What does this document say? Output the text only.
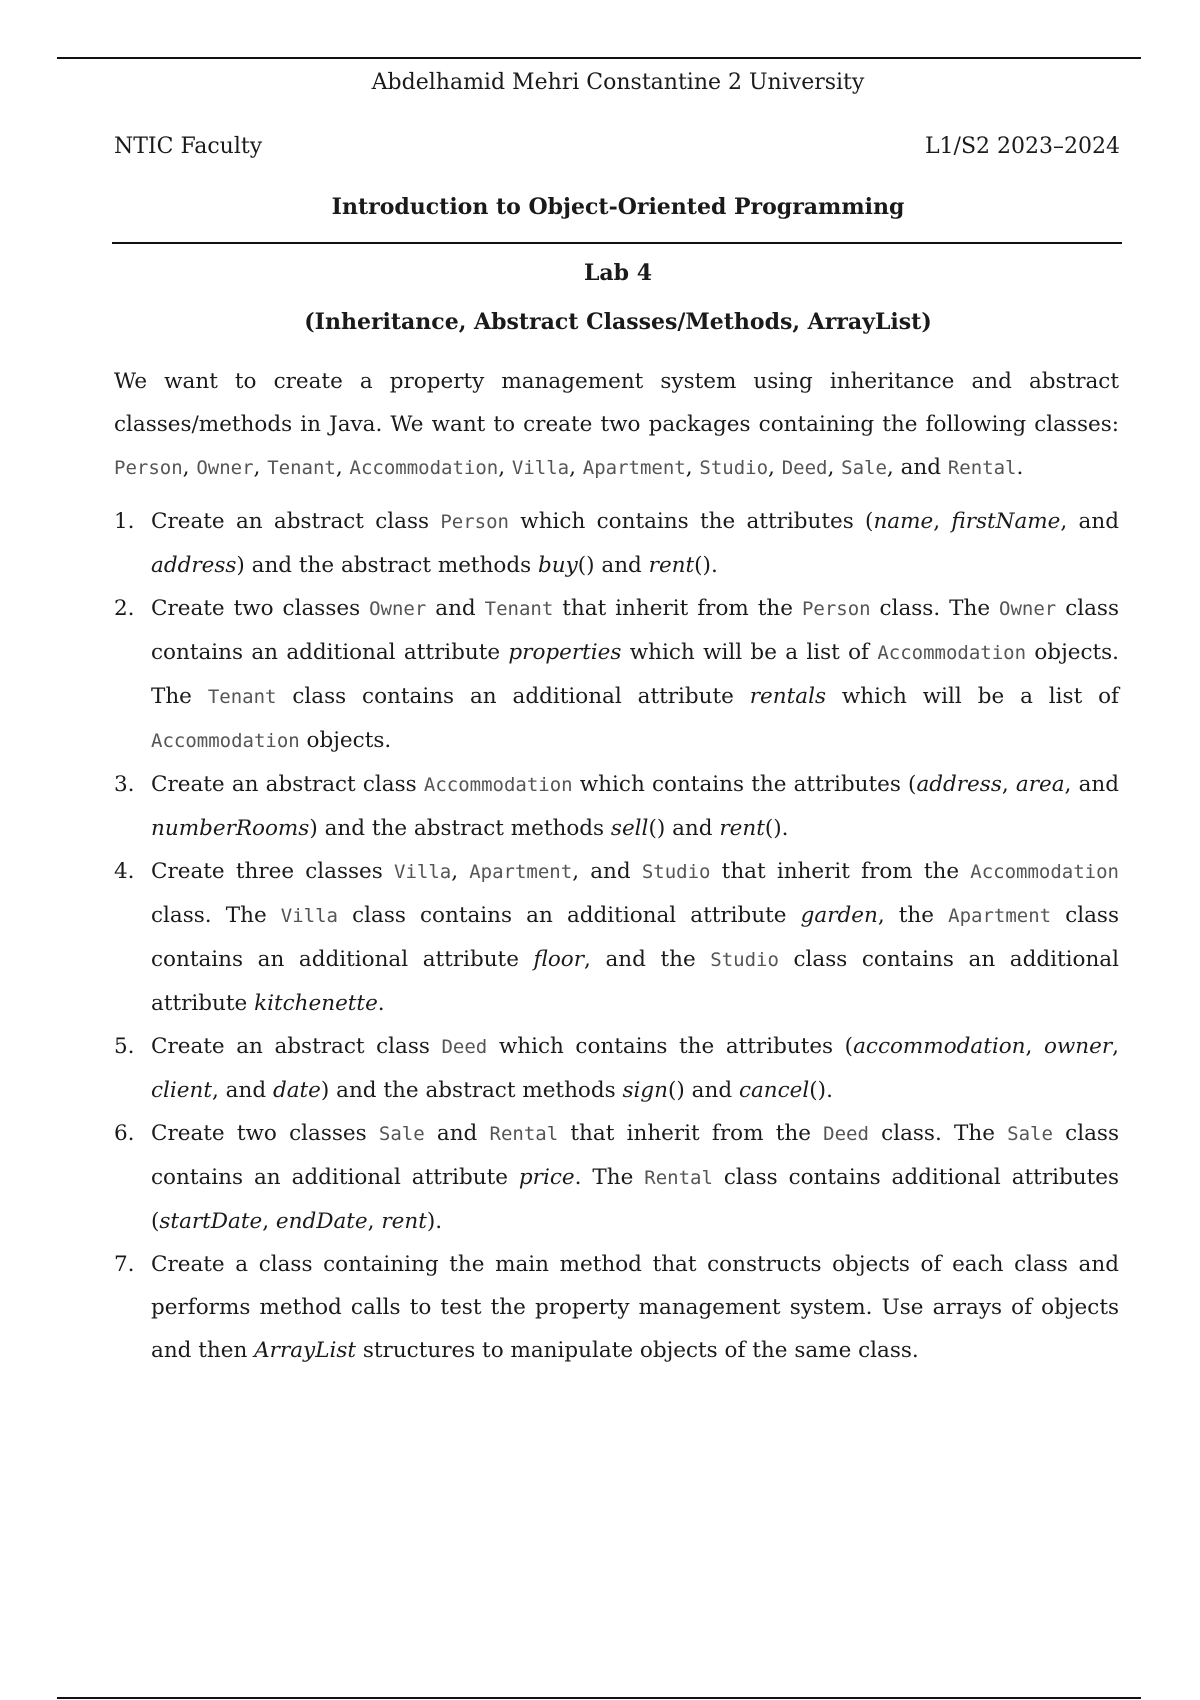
Abdelhamid Mehri Constantine 2 University
NTIC Faculty	L1/S2 2023–2024
Introduction to Object-Oriented Programming
Lab 4
(Inheritance, Abstract Classes/Methods, ArrayList)

We want to create a property management system using inheritance and abstract classes/methods in Java. We want to create two packages containing the following classes: Person, Owner, Tenant, Accommodation, Villa, Apartment, Studio, Deed, Sale, and Rental.

1. Create an abstract class Person which contains the attributes (name, firstName, and address) and the abstract methods buy() and rent().
2. Create two classes Owner and Tenant that inherit from the Person class. The Owner class contains an additional attribute properties which will be a list of Accommodation objects. The Tenant class contains an additional attribute rentals which will be a list of Accommodation objects.
3. Create an abstract class Accommodation which contains the attributes (address, area, and numberRooms) and the abstract methods sell() and rent().
4. Create three classes Villa, Apartment, and Studio that inherit from the Accommodation class. The Villa class contains an additional attribute garden, the Apartment class contains an additional attribute floor, and the Studio class contains an additional attribute kitchenette.
5. Create an abstract class Deed which contains the attributes (accommodation, owner, client, and date) and the abstract methods sign() and cancel().
6. Create two classes Sale and Rental that inherit from the Deed class. The Sale class contains an additional attribute price. The Rental class contains additional attributes (startDate, endDate, rent).
7. Create a class containing the main method that constructs objects of each class and performs method calls to test the property management system. Use arrays of objects and then ArrayList structures to manipulate objects of the same class.
